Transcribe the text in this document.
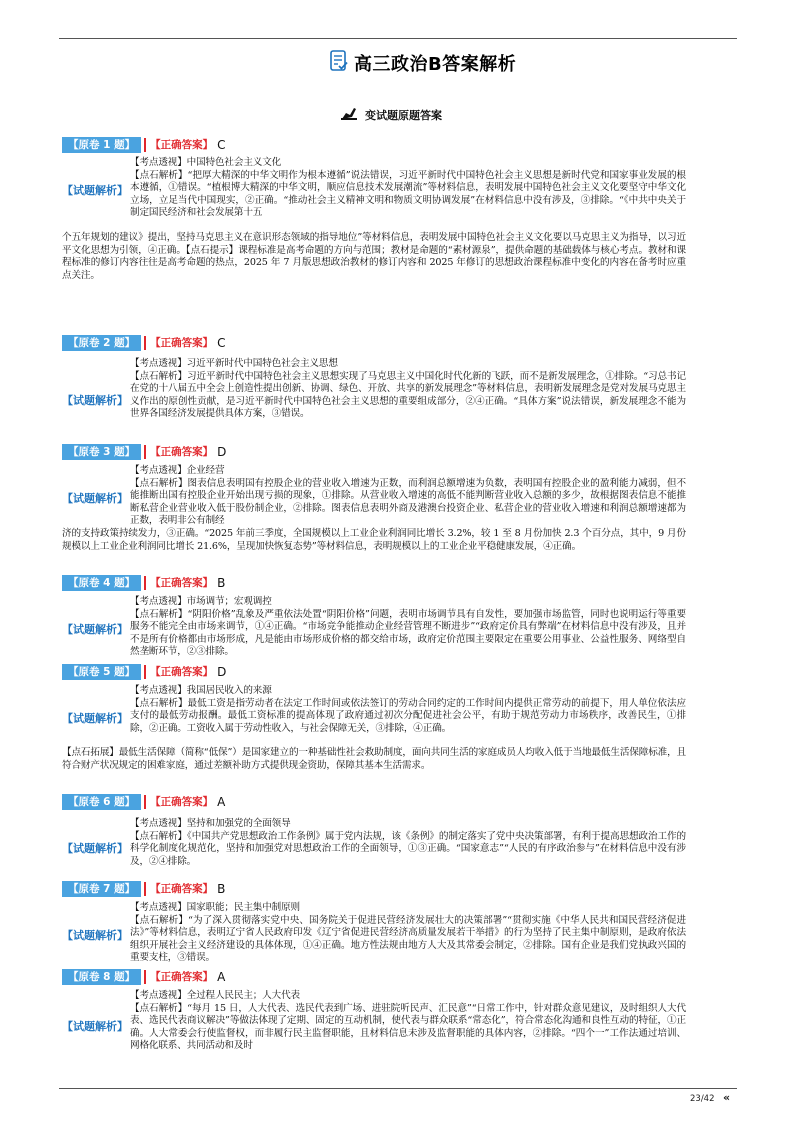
高三政治B答案解析
变试题原题答案
【原卷 1 题】	【正确答案】 C
【试题解析】

【考点透视】中国特色社会主义文化

【点石解析】“把厚大精深的中华文明作为根本遵循”说法错误，习近平新时代中国特色社会主义思想是新时代党和国家事业发展的根本遵循，①错误。“植根博大精深的中华文明，顺应信息技术发展潮流”等材料信息，表明发展中国特色社会主义文化要坚守中华文化立场，立足当代中国现实，②正确。“推动社会主义精神文明和物质文明协调发展”在材料信息中没有涉及，③排除。“《中共中央关于制定国民经济和社会发展第十五

个五年规划的建议》提出，坚持马克思主义在意识形态领域的指导地位”等材料信息，表明发展中国特色社会主义文化要以马克思主义为指导，以习近平文化思想为引领，④正确。【点石提示】课程标准是高考命题的方向与范围；教材是命题的“素材源泉”，提供命题的基础载体与核心考点。教材和课程标准的修订内容往往是高考命题的热点，2025 年 7 月版思想政治教材的修订内容和 2025 年修订的思想政治课程标准中变化的内容在备考时应重点关注。
【原卷 2 题】	【正确答案】 C
【试题解析】

【考点透视】习近平新时代中国特色社会主义思想

【点石解析】习近平新时代中国特色社会主义思想实现了马克思主义中国化时代化新的飞跃，而不是新发展理念，①排除。“习总书记在党的十八届五中全会上创造性提出创新、协调、绿色、开放、共享的新发展理念”等材料信息，表明新发展理念是党对发展马克思主义作出的原创性贡献，是习近平新时代中国特色社会主义思想的重要组成部分，②④正确。“具体方案”说法错误，新发展理念不能为世界各国经济发展提供具体方案，③错误。

【原卷 3 题】	【正确答案】 D
【试题解析】

【考点透视】企业经营

【点石解析】图表信息表明国有控股企业的营业收入增速为正数，而利润总额增速为负数，表明国有控股企业的盈利能力减弱，但不能推断出国有控股企业开始出现亏损的现象，①排除。从营业收入增速的高低不能判断营业收入总额的多少，故根据图表信息不能推断私营企业营业收入低于股份制企业，②排除。图表信息表明外商及港澳台投资企业、私营企业的营业收入增速和利润总额增速都为正数，表明非公有制经

济的支持政策持续发力，③正确。“2025 年前三季度，全国规模以上工业企业利润同比增长 3.2%，较 1 至 8 月份加快 2.3 个百分点，其中，9 月份规模以上工业企业利润同比增长 21.6%，呈现加快恢复态势”等材料信息，表明规模以上的工业企业平稳健康发展，④正确。
【原卷 4 题】	【正确答案】 B
【试题解析】

【考点透视】市场调节；宏观调控

【点石解析】“阴阳价格”乱象及严重依法处置“阴阳价格”问题，表明市场调节具有自发性，要加强市场监管，同时也说明运行等重要服务不能完全由市场来调节，①④正确。“市场竞争能推动企业经营管理不断进步”“政府定价具有弊端”在材料信息中没有涉及，且并不是所有价格都由市场形成，凡是能由市场形成价格的都交给市场，政府定价范围主要限定在重要公用事业、公益性服务、网络型自然垄断环节，②③排除。

【原卷 5 题】	【正确答案】 D
【试题解析】

【考点透视】我国居民收入的来源

【点石解析】最低工资是指劳动者在法定工作时间或依法签订的劳动合同约定的工作时间内提供正常劳动的前提下，用人单位依法应支付的最低劳动报酬。最低工资标准的提高体现了政府通过初次分配促进社会公平，有助于规范劳动力市场秩序，改善民生，①排除，②正确。工资收入属于劳动性收入，与社会保障无关，③排除，④正确。

【点石拓展】最低生活保障（简称“低保”）是国家建立的一种基础性社会救助制度，面向共同生活的家庭成员人均收入低于当地最低生活保障标准，且符合财产状况规定的困难家庭，通过差额补助方式提供现金资助，保障其基本生活需求。
【原卷 6 题】	【正确答案】 A
【试题解析】

【考点透视】坚持和加强党的全面领导

【点石解析】《中国共产党思想政治工作条例》属于党内法规，该《条例》的制定落实了党中央决策部署，有利于提高思想政治工作的科学化制度化规范化，坚持和加强党对思想政治工作的全面领导，①③正确。“国家意志”“人民的有序政治参与”在材料信息中没有涉及，②④排除。

【原卷 7 题】	【正确答案】 B
【试题解析】

【考点透视】国家职能；民主集中制原则

【点石解析】“为了深入贯彻落实党中央、国务院关于促进民营经济发展壮大的决策部署”“贯彻实施《中华人民共和国民营经济促进法》”等材料信息，表明辽宁省人民政府印发《辽宁省促进民营经济高质量发展若干举措》的行为坚持了民主集中制原则，是政府依法组织开展社会主义经济建设的具体体现，①④正确。地方性法规由地方人大及其常委会制定，②排除。国有企业是我们党执政兴国的重要支柱，③错误。

【原卷 8 题】	【正确答案】 A
【试题解析】

【考点透视】全过程人民民主；人大代表

【点石解析】“每月 15 日，人大代表、选民代表到广场、进驻院听民声、汇民意”“日常工作中，针对群众意见建议，及时组织人大代表、选民代表商议解决”等做法体现了定期、固定的互动机制，使代表与群众联系“常态化”，符合常态化沟通和良性互动的特征，①正确。人大常委会行使监督权，而非履行民主监督职能，且材料信息未涉及监督职能的具体内容，②排除。“四个一”工作法通过培训、网格化联系、共同活动和及时

23/42 «
